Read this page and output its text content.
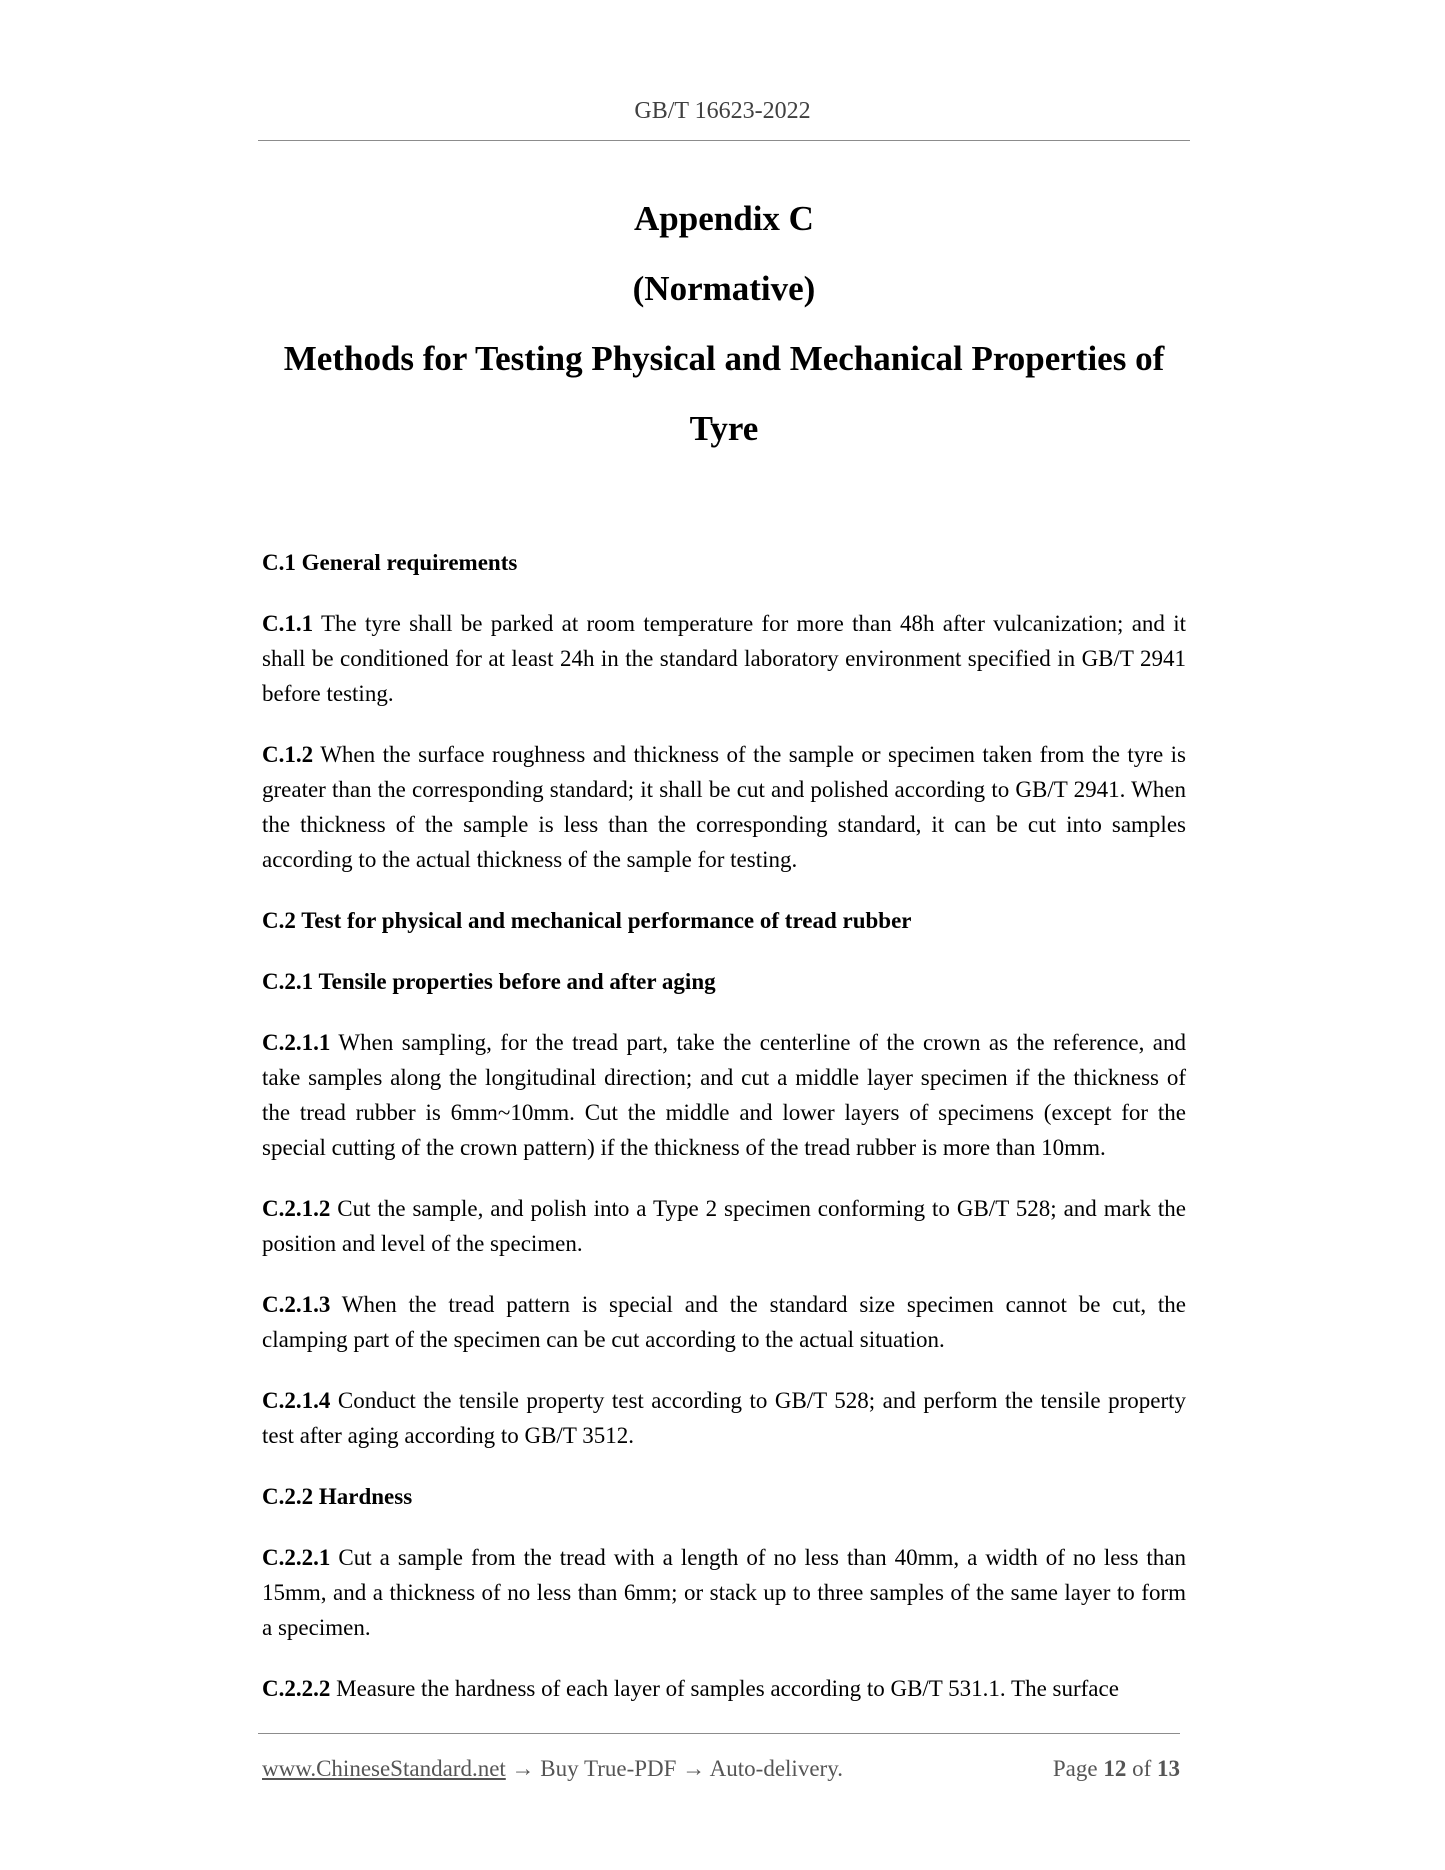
GB/T 16623-2022
Appendix C
(Normative)
Methods for Testing Physical and Mechanical Properties of
Tyre
C.1 General requirements

C.1.1 The tyre shall be parked at room temperature for more than 48h after vulcanization; and it shall be conditioned for at least 24h in the standard laboratory environment specified in GB/T 2941 before testing.

C.1.2 When the surface roughness and thickness of the sample or specimen taken from the tyre is greater than the corresponding standard; it shall be cut and polished according to GB/T 2941. When the thickness of the sample is less than the corresponding standard, it can be cut into samples according to the actual thickness of the sample for testing.

C.2 Test for physical and mechanical performance of tread rubber
C.2.1 Tensile properties before and after aging

C.2.1.1 When sampling, for the tread part, take the centerline of the crown as the reference, and take samples along the longitudinal direction; and cut a middle layer specimen if the thickness of the tread rubber is 6mm~10mm. Cut the middle and lower layers of specimens (except for the special cutting of the crown pattern) if the thickness of the tread rubber is more than 10mm.

C.2.1.2 Cut the sample, and polish into a Type 2 specimen conforming to GB/T 528; and mark the position and level of the specimen.

C.2.1.3 When the tread pattern is special and the standard size specimen cannot be cut, the clamping part of the specimen can be cut according to the actual situation.

C.2.1.4 Conduct the tensile property test according to GB/T 528; and perform the tensile property test after aging according to GB/T 3512.

C.2.2 Hardness

C.2.2.1 Cut a sample from the tread with a length of no less than 40mm, a width of no less than 15mm, and a thickness of no less than 6mm; or stack up to three samples of the same layer to form a specimen.

C.2.2.2 Measure the hardness of each layer of samples according to GB/T 531.1. The surface

www.ChineseStandard.net → Buy True-PDF → Auto-delivery.	Page 12 of 13
